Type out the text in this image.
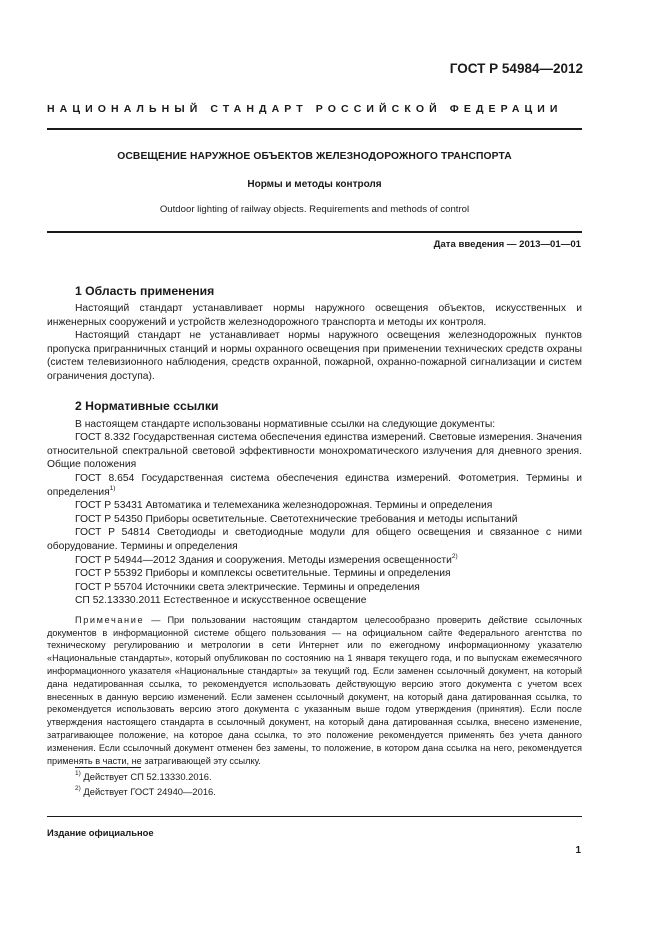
ГОСТ Р 54984—2012
НАЦИОНАЛЬНЫЙ СТАНДАРТ РОССИЙСКОЙ ФЕДЕРАЦИИ
ОСВЕЩЕНИЕ НАРУЖНОЕ ОБЪЕКТОВ ЖЕЛЕЗНОДОРОЖНОГО ТРАНСПОРТА
Нормы и методы контроля
Outdoor lighting of railway objects. Requirements and methods of control
Дата введения — 2013—01—01
1 Область применения

Настоящий стандарт устанавливает нормы наружного освещения объектов, искусственных и инженерных сооружений и устройств железнодорожного транспорта и методы их контроля.

Настоящий стандарт не устанавливает нормы наружного освещения железнодорожных пунктов пропуска пригранничных станций и нормы охранного освещения при применении технических средств охраны (систем телевизионного наблюдения, средств охранной, пожарной, охранно-пожарной сигнализации и систем ограничения доступа).

2 Нормативные ссылки

В настоящем стандарте использованы нормативные ссылки на следующие документы:

ГОСТ 8.332 Государственная система обеспечения единства измерений. Световые измерения. Значения относительной спектральной световой эффективности монохроматического излучения для дневного зрения. Общие положения

ГОСТ 8.654 Государственная система обеспечения единства измерений. Фотометрия. Термины и определения$^{1)}$

ГОСТ Р 53431 Автоматика и телемеханика железнодорожная. Термины и определения

ГОСТ Р 54350 Приборы осветительные. Светотехнические требования и методы испытаний

ГОСТ Р 54814 Светодиоды и светодиодные модули для общего освещения и связанное с ними оборудование. Термины и определения

ГОСТ Р 54944—2012 Здания и сооружения. Методы измерения освещенности$^{2)}$

ГОСТ Р 55392 Приборы и комплексы осветительные. Термины и определения

ГОСТ Р 55704 Источники света электрические. Термины и определения

СП 52.13330.2011 Естественное и искусственное освещение

Примечание — При пользовании настоящим стандартом целесообразно проверить действие ссылочных документов в информационной системе общего пользования — на официальном сайте Федерального агентства по техническому регулированию и метрологии в сети Интернет или по ежегодному информационному указателю «Национальные стандарты», который опубликован по состоянию на 1 января текущего года, и по выпускам ежемесячного информационного указателя «Национальные стандарты» за текущий год. Если заменен ссылочный документ, на который дана недатированная ссылка, то рекомендуется использовать действующую версию этого документа с учетом всех внесенных в данную версию изменений. Если заменен ссылочный документ, на который дана датированная ссылка, то рекомендуется использовать версию этого документа с указанным выше годом утверждения (принятия). Если после утверждения настоящего стандарта в ссылочный документ, на который дана датированная ссылка, внесено изменение, затрагивающее положение, на которое дана ссылка, то это положение рекомендуется применять без учета данного изменения. Если ссылочный документ отменен без замены, то положение, в котором дана ссылка на него, рекомендуется применять в части, не затрагивающей эту ссылку.

$^{1)}$ Действует СП 52.13330.2016.
$^{2)}$ Действует ГОСТ 24940—2016.
Издание официальное
1
